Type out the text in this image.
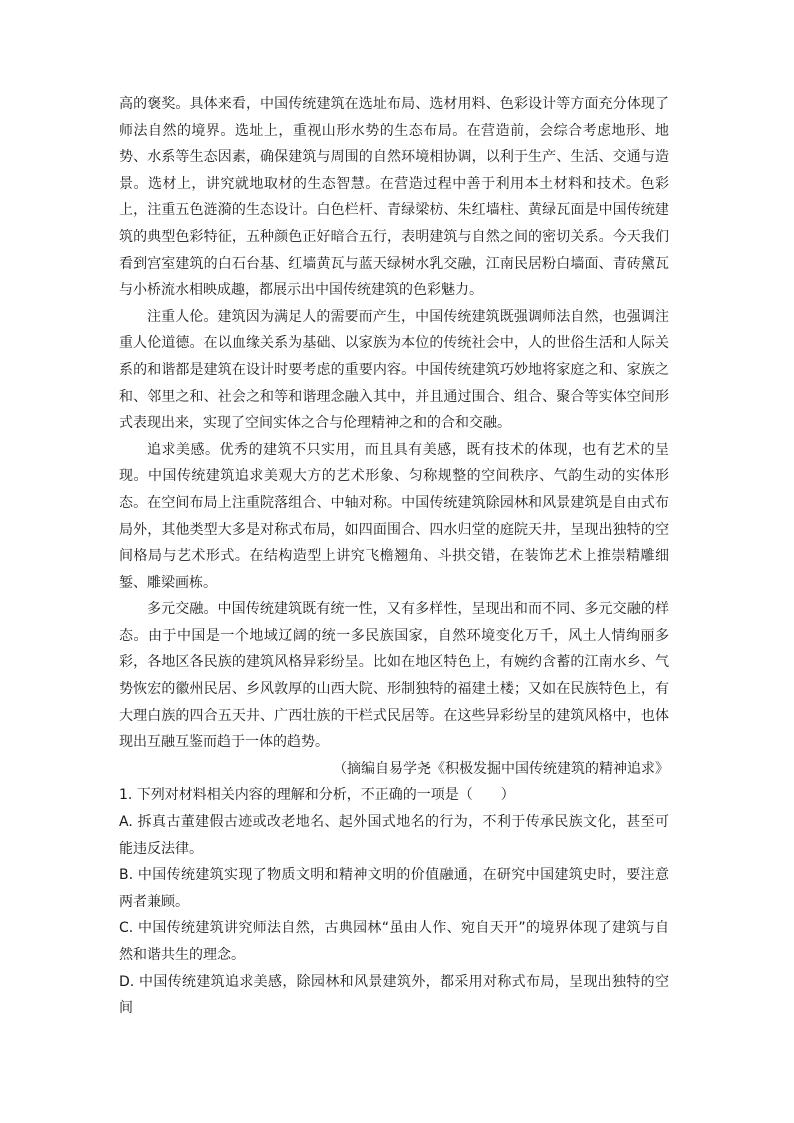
高的褒奖。具体来看，中国传统建筑在选址布局、选材用料、色彩设计等方面充分体现了师法自然的境界。选址上，重视山形水势的生态布局。在营造前，会综合考虑地形、地势、水系等生态因素，确保建筑与周围的自然环境相协调，以利于生产、生活、交通与造景。选材上，讲究就地取材的生态智慧。在营造过程中善于利用本土材料和技术。色彩上，注重五色涟漪的生态设计。白色栏杆、青绿梁枋、朱红墙柱、黄绿瓦面是中国传统建筑的典型色彩特征，五种颜色正好暗合五行，表明建筑与自然之间的密切关系。今天我们看到宫室建筑的白石台基、红墙黄瓦与蓝天绿树水乳交融，江南民居粉白墙面、青砖黛瓦与小桥流水相映成趣，都展示出中国传统建筑的色彩魅力。

注重人伦。建筑因为满足人的需要而产生，中国传统建筑既强调师法自然，也强调注重人伦道德。在以血缘关系为基础、以家族为本位的传统社会中，人的世俗生活和人际关系的和谐都是建筑在设计时要考虑的重要内容。中国传统建筑巧妙地将家庭之和、家族之和、邻里之和、社会之和等和谐理念融入其中，并且通过围合、组合、聚合等实体空间形式表现出来，实现了空间实体之合与伦理精神之和的合和交融。

追求美感。优秀的建筑不只实用，而且具有美感，既有技术的体现，也有艺术的呈现。中国传统建筑追求美观大方的艺术形象、匀称规整的空间秩序、气韵生动的实体形态。在空间布局上注重院落组合、中轴对称。中国传统建筑除园林和风景建筑是自由式布局外，其他类型大多是对称式布局，如四面围合、四水归堂的庭院天井，呈现出独特的空间格局与艺术形式。在结构造型上讲究飞檐翘角、斗拱交错，在装饰艺术上推崇精雕细錾、雕梁画栋。

多元交融。中国传统建筑既有统一性，又有多样性，呈现出和而不同、多元交融的样态。由于中国是一个地域辽阔的统一多民族国家，自然环境变化万千，风土人情绚丽多彩，各地区各民族的建筑风格异彩纷呈。比如在地区特色上，有婉约含蓄的江南水乡、气势恢宏的徽州民居、乡风敦厚的山西大院、形制独特的福建土楼；又如在民族特色上，有大理白族的四合五天井、广西壮族的干栏式民居等。在这些异彩纷呈的建筑风格中，也体现出互融互鉴而趋于一体的趋势。

（摘编自易学尧《积极发掘中国传统建筑的精神追求》

1. 下列对材料相关内容的理解和分析，不正确的一项是（　　）

A. 拆真古董建假古迹或改老地名、起外国式地名的行为，不利于传承民族文化，甚至可能违反法律。

B. 中国传统建筑实现了物质文明和精神文明的价值融通，在研究中国建筑史时，要注意两者兼顾。

C. 中国传统建筑讲究师法自然，古典园林“虽由人作、宛自天开”的境界体现了建筑与自然和谐共生的理念。

D. 中国传统建筑追求美感，除园林和风景建筑外，都采用对称式布局，呈现出独特的空间
